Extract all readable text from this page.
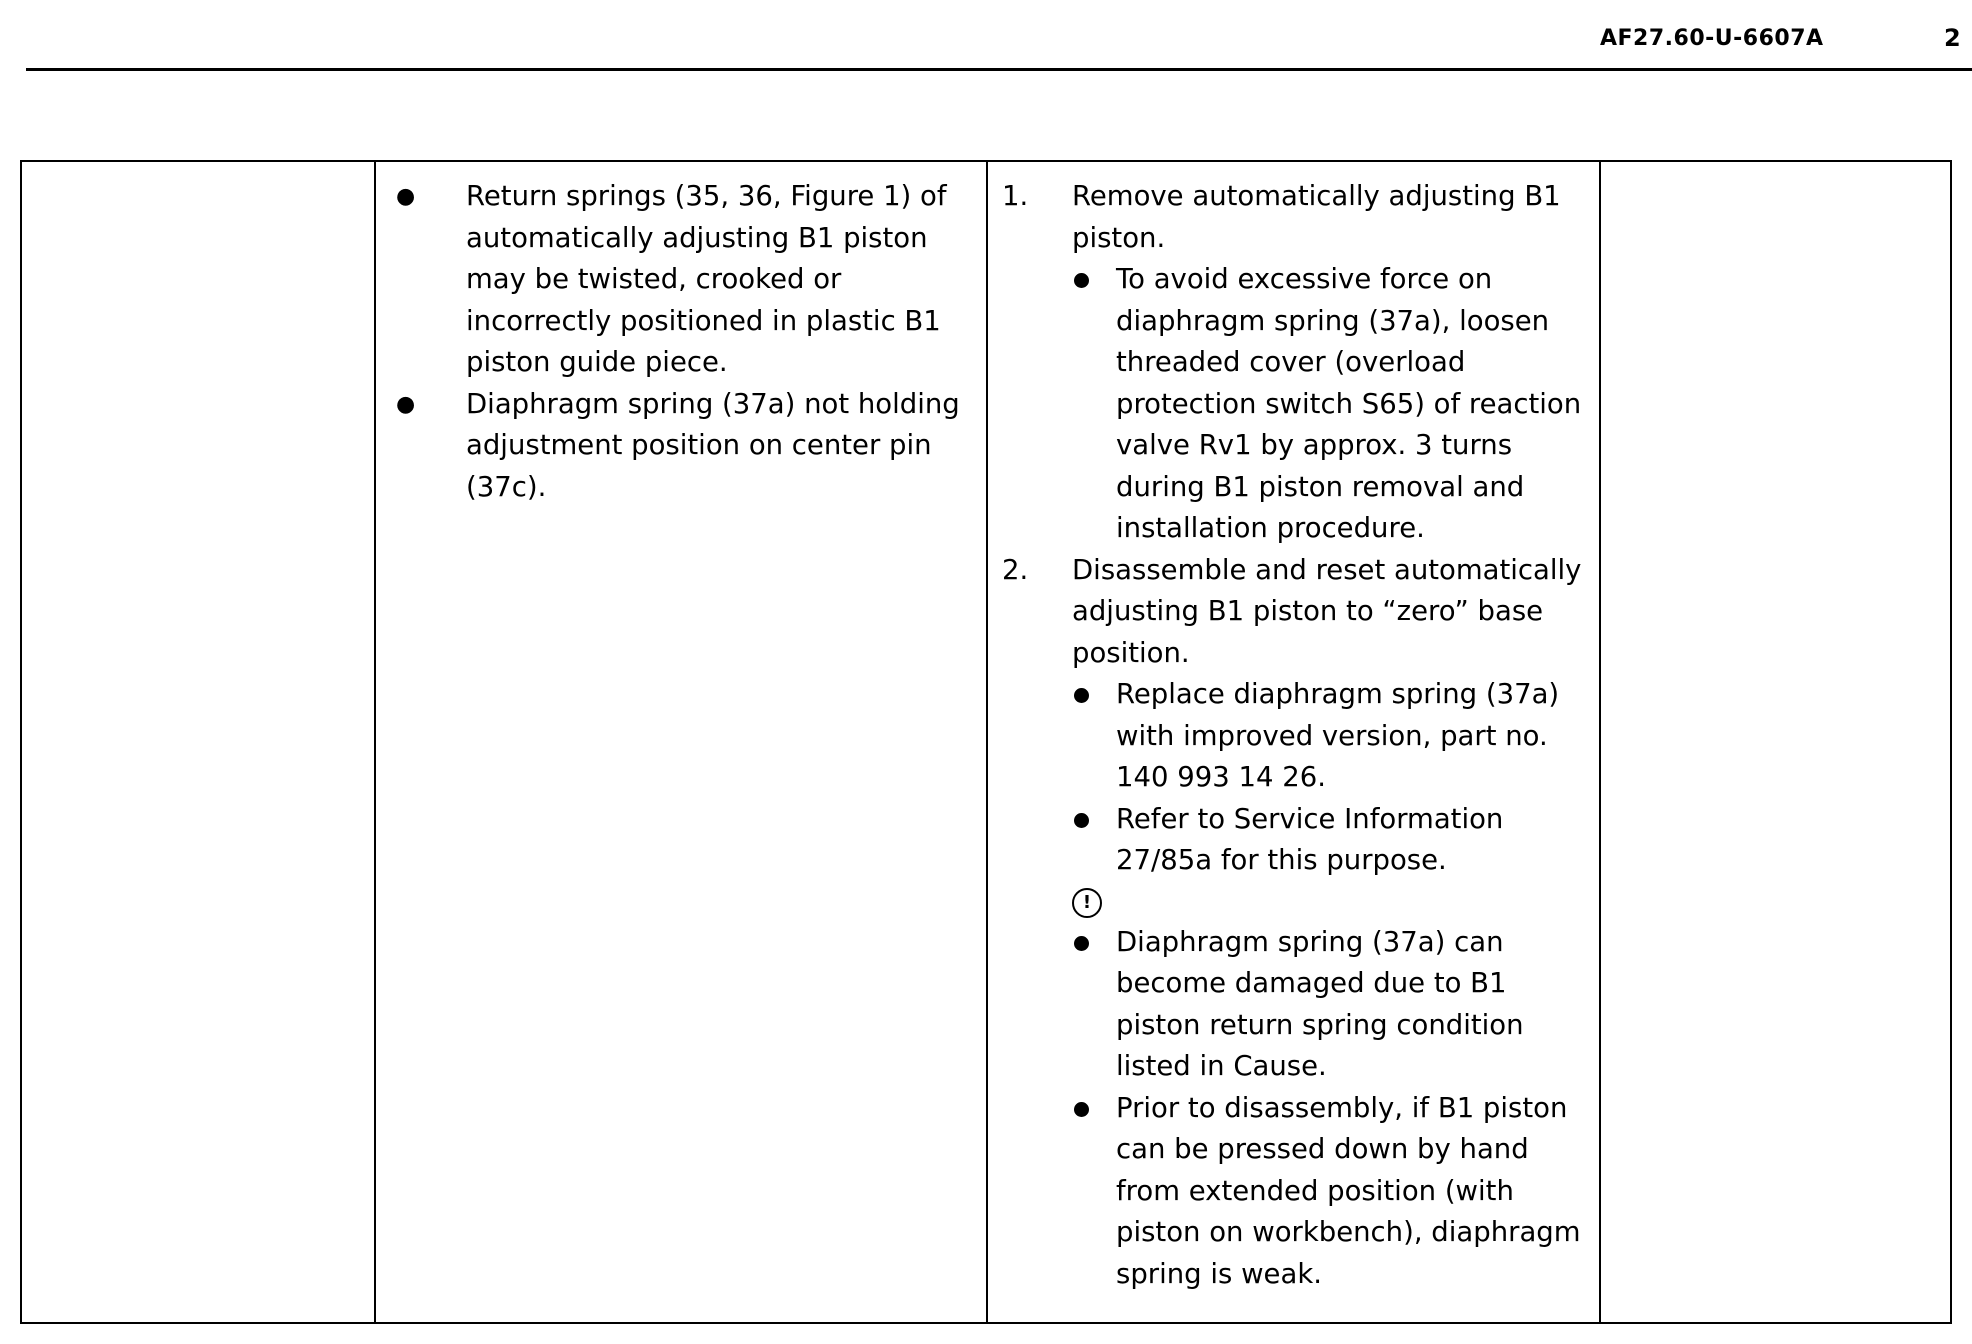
AF27.60-U-6607A	2
● Return springs (35, 36, Figure 1) of automatically adjusting B1 piston may be twisted, crooked or incorrectly positioned in plastic B1 piston guide piece.
● Diaphragm spring (37a) not holding adjustment position on center pin (37c).
1. Remove automatically adjusting B1 piston.
To avoid excessive force on diaphragm spring (37a), loosen threaded cover (overload protection switch S65) of reaction valve Rv1 by approx. 3 turns during B1 piston removal and installation procedure.
2. Disassemble and reset automatically adjusting B1 piston to “zero” base position.
Replace diaphragm spring (37a) with improved version, part no. 140 993 14 26.
Refer to Service Information 27/85a for this purpose.
!
Diaphragm spring (37a) can become damaged due to B1 piston return spring condition listed in Cause.
Prior to disassembly, if B1 piston can be pressed down by hand from extended position (with piston on workbench), diaphragm spring is weak.
